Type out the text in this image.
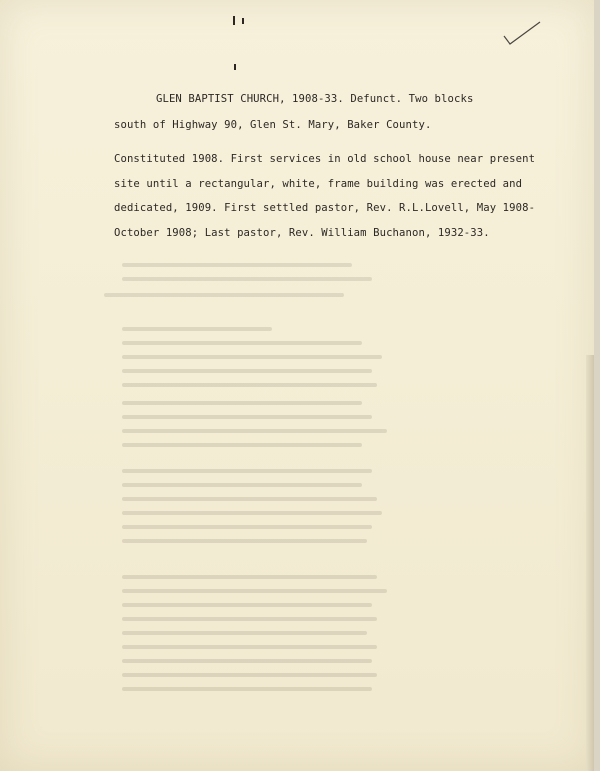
GLEN BAPTIST CHURCH, 1908-33. Defunct. Two blocks
south of Highway 90, Glen St. Mary, Baker County.
Constituted 1908. First services in old school house near present
site until a rectangular, white, frame building was erected and
dedicated, 1909. First settled pastor, Rev. R.L.Lovell, May 1908-
October 1908; Last pastor, Rev. William Buchanon, 1932-33.
